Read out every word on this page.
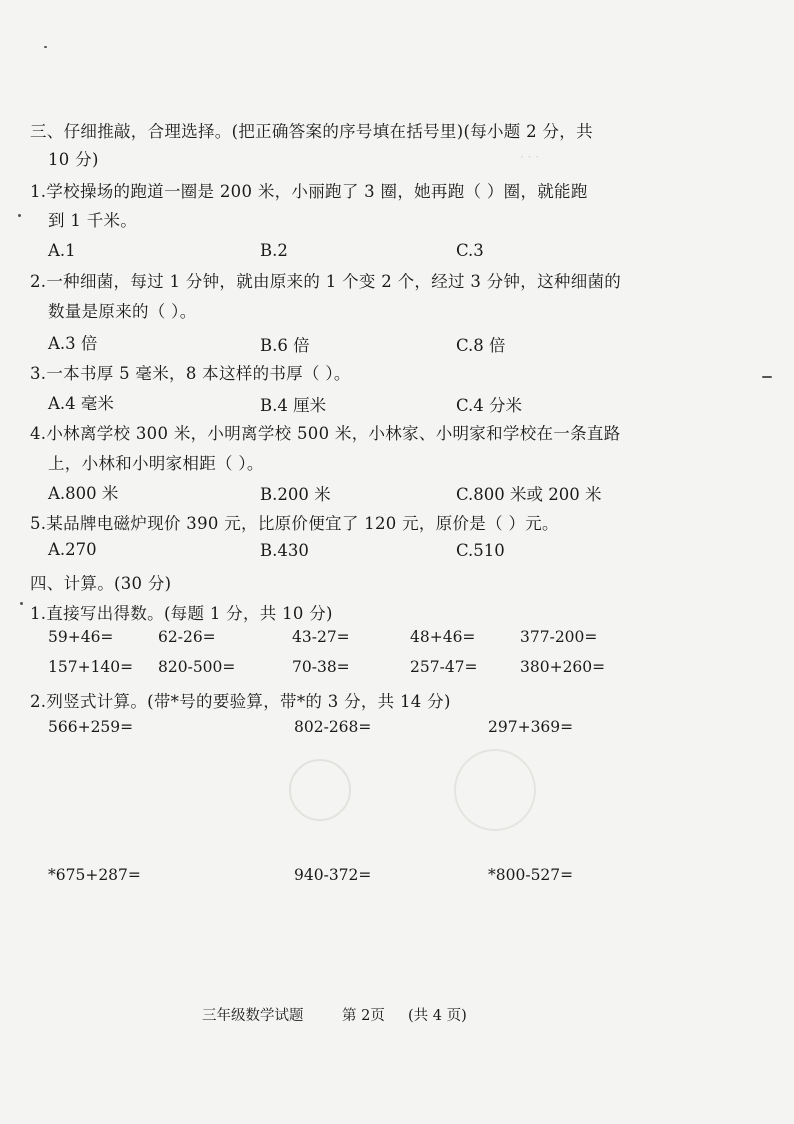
· · ·
三、仔细推敲，合理选择。(把正确答案的序号填在括号里)(每小题 2 分，共
10 分)
1.学校操场的跑道一圈是 200 米，小丽跑了 3 圈，她再跑（ ）圈，就能跑
到 1 千米。
A.1	B.2	C.3
2.一种细菌，每过 1 分钟，就由原来的 1 个变 2 个，经过 3 分钟，这种细菌的
数量是原来的（ ）。
A.3 倍	B.6 倍	C.8 倍
3.一本书厚 5 毫米，8 本这样的书厚（ ）。
A.4 毫米	B.4 厘米	C.4 分米
4.小林离学校 300 米，小明离学校 500 米，小林家、小明家和学校在一条直路
上，小林和小明家相距（ ）。
A.800 米	B.200 米	C.800 米或 200 米
5.某品牌电磁炉现价 390 元，比原价便宜了 120 元，原价是（ ）元。
A.270	B.430	C.510
四、计算。(30 分)
1.直接写出得数。(每题 1 分，共 10 分)
59+46=	62-26=	43-27=	48+46=	377-200=
157+140= 820-500=	70-38=	257-47=	380+260=
2.列竖式计算。(带*号的要验算，带*的 3 分，共 14 分)
566+259=	802-268=	297+369=
*675+287=	940-372=	*800-527=
三年级数学试题	第 2页 (共 4 页)
